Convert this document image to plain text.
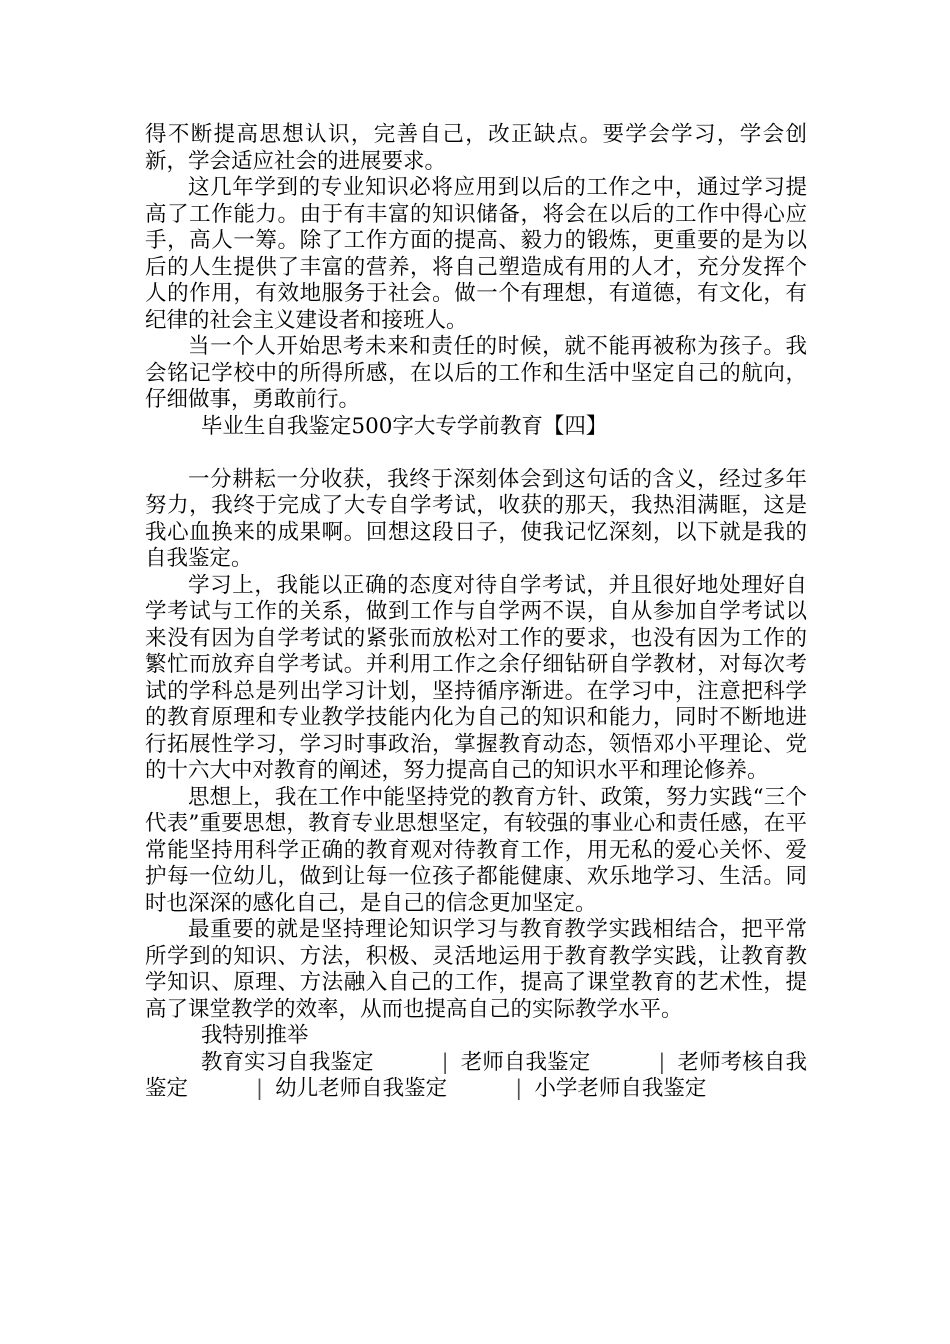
得不断提高思想认识，完善自己，改正缺点。要学会学习，学会创新，学会适应社会的进展要求。

这几年学到的专业知识必将应用到以后的工作之中，通过学习提高了工作能力。由于有丰富的知识储备，将会在以后的工作中得心应手，高人一筹。除了工作方面的提高、毅力的锻炼，更重要的是为以后的人生提供了丰富的营养，将自己塑造成有用的人才，充分发挥个人的作用，有效地服务于社会。做一个有理想，有道德，有文化，有纪律的社会主义建设者和接班人。

当一个人开始思考未来和责任的时候，就不能再被称为孩子。我会铭记学校中的所得所感，在以后的工作和生活中坚定自己的航向，仔细做事，勇敢前行。

毕业生自我鉴定500字大专学前教育【四】

一分耕耘一分收获，我终于深刻体会到这句话的含义，经过多年努力，我终于完成了大专自学考试，收获的那天，我热泪满眶，这是我心血换来的成果啊。回想这段日子，使我记忆深刻，以下就是我的自我鉴定。

学习上，我能以正确的态度对待自学考试，并且很好地处理好自学考试与工作的关系，做到工作与自学两不误，自从参加自学考试以来没有因为自学考试的紧张而放松对工作的要求，也没有因为工作的繁忙而放弃自学考试。并利用工作之余仔细钻研自学教材，对每次考试的学科总是列出学习计划，坚持循序渐进。在学习中，注意把科学的教育原理和专业教学技能内化为自己的知识和能力，同时不断地进行拓展性学习，学习时事政治，掌握教育动态，领悟邓小平理论、党的十六大中对教育的阐述，努力提高自己的知识水平和理论修养。

思想上，我在工作中能坚持党的教育方针、政策，努力实践“三个代表”重要思想，教育专业思想坚定，有较强的事业心和责任感，在平常能坚持用科学正确的教育观对待教育工作，用无私的爱心关怀、爱护每一位幼儿，做到让每一位孩子都能健康、欢乐地学习、生活。同时也深深的感化自己，是自己的信念更加坚定。

最重要的就是坚持理论知识学习与教育教学实践相结合，把平常所学到的知识、方法，积极、灵活地运用于教育教学实践，让教育教学知识、原理、方法融入自己的工作，提高了课堂教育的艺术性，提高了课堂教学的效率，从而也提高自己的实际教学水平。

我特别推举

教育实习自我鉴定	| 老师自我鉴定	| 老师考核自我鉴定	| 幼儿老师自我鉴定	| 小学老师自我鉴定
